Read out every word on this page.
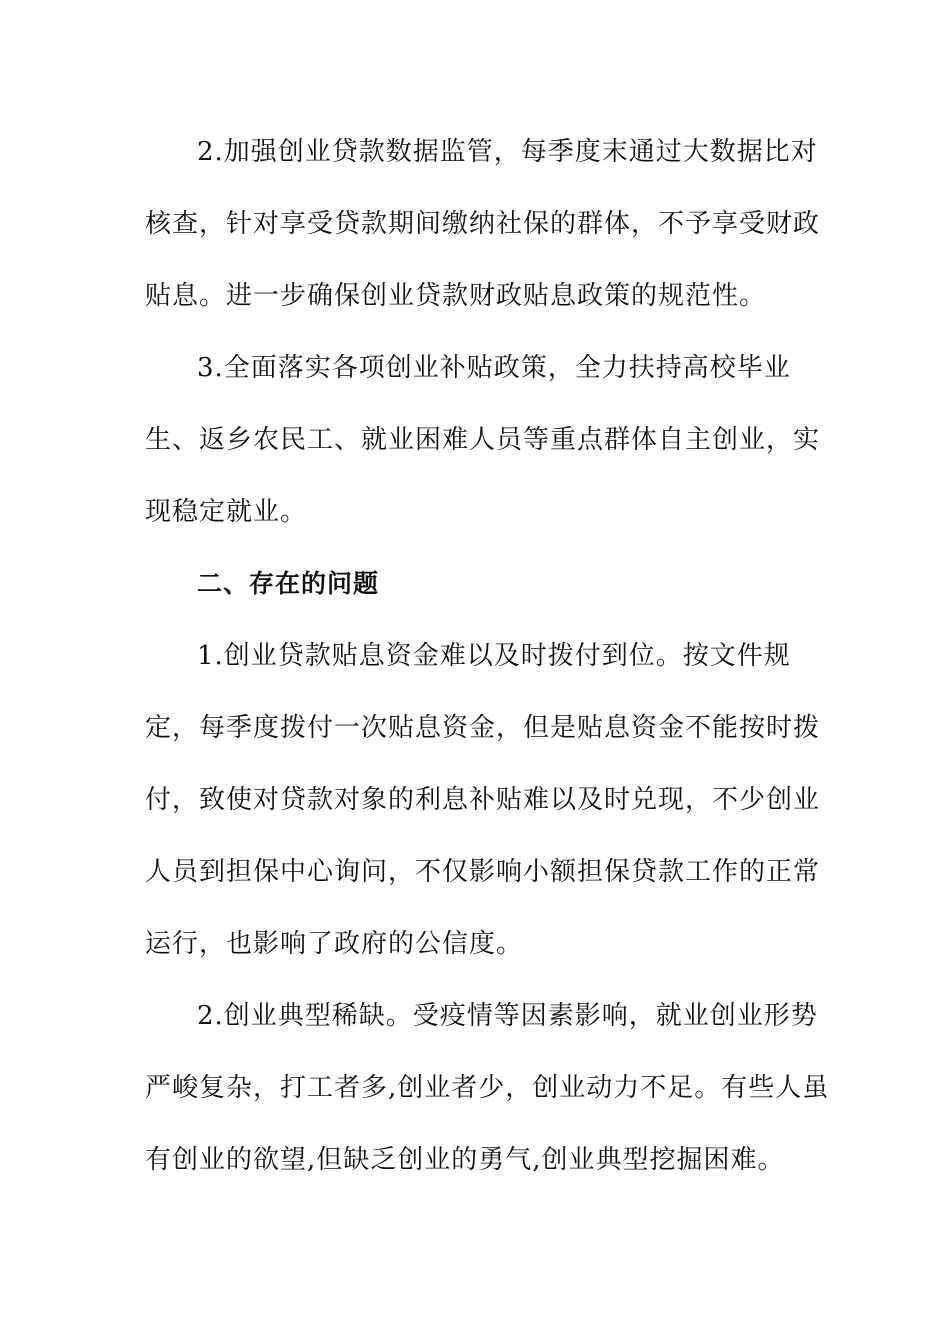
2.加强创业贷款数据监管，每季度末通过大数据比对
核查，针对享受贷款期间缴纳社保的群体，不予享受财政
贴息。进一步确保创业贷款财政贴息政策的规范性。
3.全面落实各项创业补贴政策，全力扶持高校毕业
生、返乡农民工、就业困难人员等重点群体自主创业，实
现稳定就业。
二、存在的问题
1.创业贷款贴息资金难以及时拨付到位。按文件规
定，每季度拨付一次贴息资金，但是贴息资金不能按时拨
付，致使对贷款对象的利息补贴难以及时兑现，不少创业
人员到担保中心询问，不仅影响小额担保贷款工作的正常
运行，也影响了政府的公信度。
2.创业典型稀缺。受疫情等因素影响，就业创业形势
严峻复杂，打工者多,创业者少，创业动力不足。有些人虽
有创业的欲望,但缺乏创业的勇气,创业典型挖掘困难。
